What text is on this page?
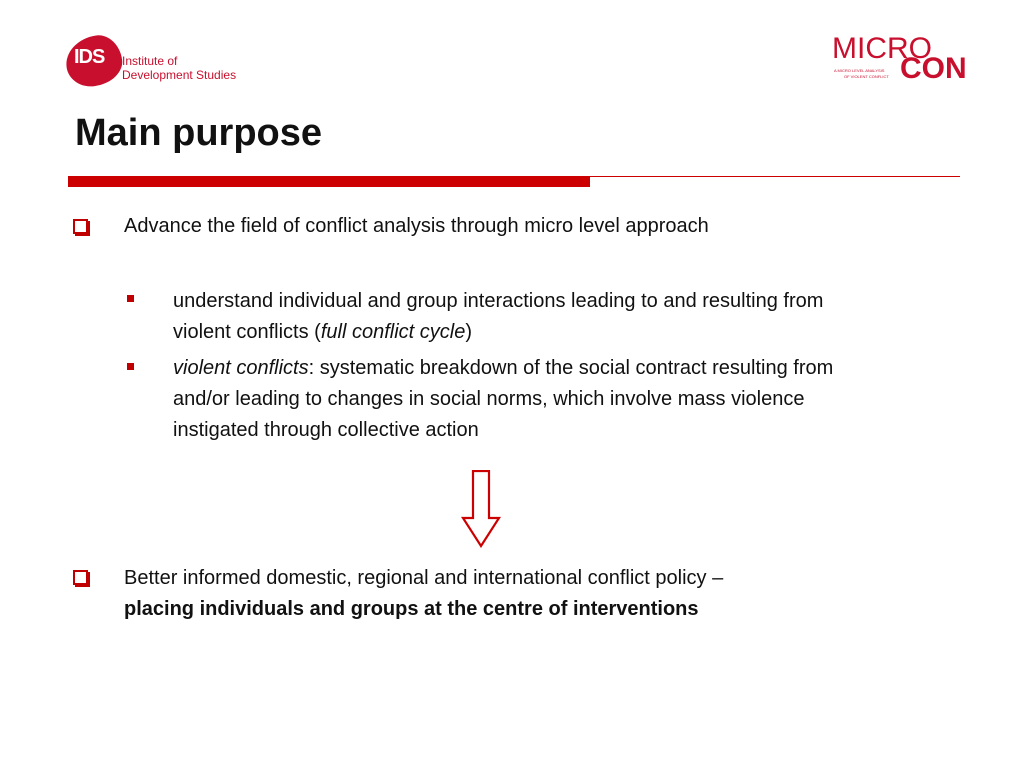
IDS Institute of
Development Studies
MICRO
CON
A MICRO LEVEL ANALYSIS
OF VIOLENT CONFLICT
Main purpose
Advance the field of conflict analysis through micro level approach
understand individual and group interactions leading to and resulting from
violent conflicts (full conflict cycle)
violent conflicts: systematic breakdown of the social contract resulting from
and/or leading to changes in social norms, which involve mass violence
instigated through collective action
Better informed domestic, regional and international conflict policy –
placing individuals and groups at the centre of interventions
